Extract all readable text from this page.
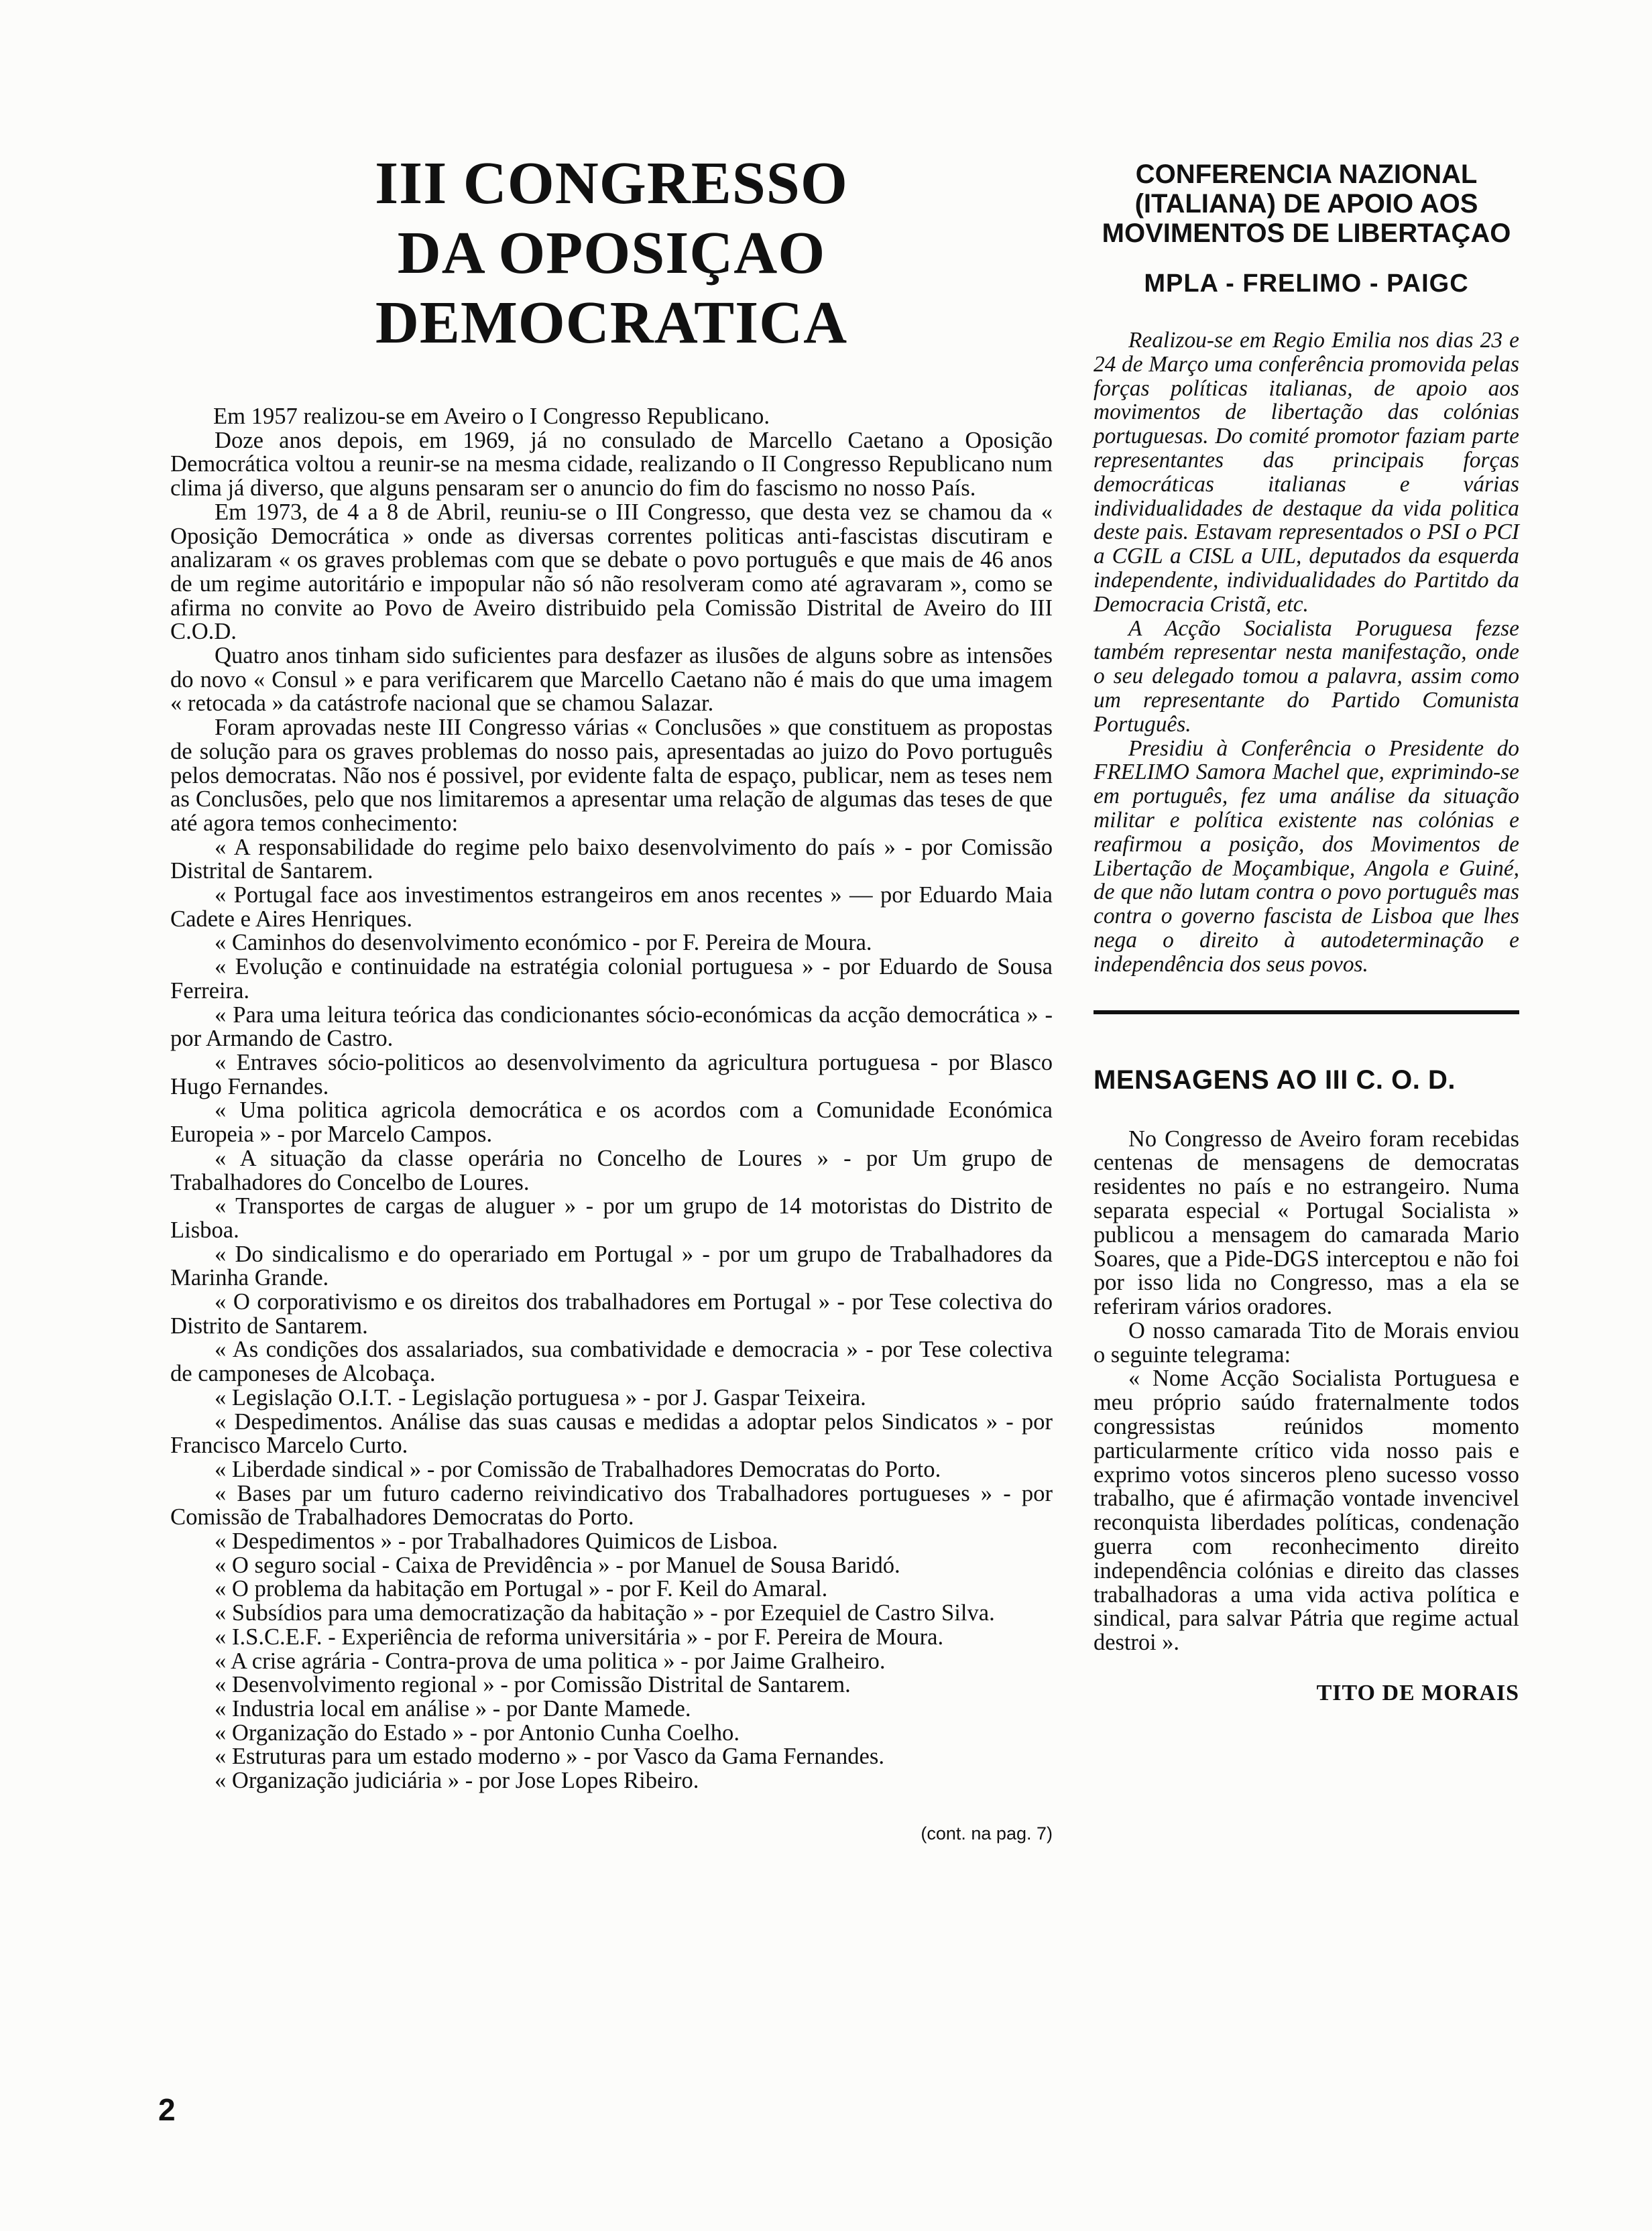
III CONGRESSO
DA OPOSIÇAO DEMOCRATICA

Em 1957 realizou-se em Aveiro o I Congresso Republicano.

Doze anos depois, em 1969, já no consulado de Marcello Caetano a Oposição Democrática voltou a reunir-se na mesma cidade, realizando o II Congresso Republicano num clima já diverso, que alguns pensaram ser o anuncio do fim do fascismo no nosso País.

Em 1973, de 4 a 8 de Abril, reuniu-se o III Congresso, que desta vez se chamou da « Oposição Democrática » onde as diversas correntes politicas anti-fascistas discutiram e analizaram « os graves problemas com que se debate o povo português e que mais de 46 anos de um regime autoritário e impopular não só não resolveram como até agravaram », como se afirma no convite ao Povo de Aveiro distribuido pela Comissão Distrital de Aveiro do III C.O.D.

Quatro anos tinham sido suficientes para desfazer as ilusões de alguns sobre as intensões do novo « Consul » e para verificarem que Marcello Caetano não é mais do que uma imagem « retocada » da catástrofe nacional que se chamou Salazar.

Foram aprovadas neste III Congresso várias « Conclusões » que constituem as propostas de solução para os graves problemas do nosso pais, apresentadas ao juizo do Povo português pelos democratas. Não nos é possivel, por evidente falta de espaço, publicar, nem as teses nem as Conclusões, pelo que nos limitaremos a apresentar uma relação de algumas das teses de que até agora temos conhecimento:

« A responsabilidade do regime pelo baixo desenvolvimento do país » - por Comissão Distrital de Santarem.

« Portugal face aos investimentos estrangeiros em anos recentes » — por Eduardo Maia Cadete e Aires Henriques.

« Caminhos do desenvolvimento económico - por F. Pereira de Moura.

« Evolução e continuidade na estratégia colonial portuguesa » - por Eduardo de Sousa Ferreira.

« Para uma leitura teórica das condicionantes sócio-económicas da acção democrática » - por Armando de Castro.

« Entraves sócio-politicos ao desenvolvimento da agricultura portuguesa - por Blasco Hugo Fernandes.

« Uma politica agricola democrática e os acordos com a Comunidade Económica Europeia » - por Marcelo Campos.

« A situação da classe operária no Concelho de Loures » - por Um grupo de Trabalhadores do Concelbo de Loures.

« Transportes de cargas de aluguer » - por um grupo de 14 motoristas do Distrito de Lisboa.

« Do sindicalismo e do operariado em Portugal » - por um grupo de Trabalhadores da Marinha Grande.

« O corporativismo e os direitos dos trabalhadores em Portugal » - por Tese colectiva do Distrito de Santarem.

« As condições dos assalariados, sua combatividade e democracia » - por Tese colectiva de camponeses de Alcobaça.

« Legislação O.I.T. - Legislação portuguesa » - por J. Gaspar Teixeira.

« Despedimentos. Análise das suas causas e medidas a adoptar pelos Sindicatos » - por Francisco Marcelo Curto.

« Liberdade sindical » - por Comissão de Trabalhadores Democratas do Porto.

« Bases par um futuro caderno reivindicativo dos Trabalhadores portugueses » - por Comissão de Trabalhadores Democratas do Porto.

« Despedimentos » - por Trabalhadores Quimicos de Lisboa.

« O seguro social - Caixa de Previdência » - por Manuel de Sousa Baridó.

« O problema da habitação em Portugal » - por F. Keil do Amaral.

« Subsídios para uma democratização da habitação » - por Ezequiel de Castro Silva.

« I.S.C.E.F. - Experiência de reforma universitária » - por F. Pereira de Moura.

« A crise agrária - Contra-prova de uma politica » - por Jaime Gralheiro.

« Desenvolvimento regional » - por Comissão Distrital de Santarem.

« Industria local em análise » - por Dante Mamede.

« Organização do Estado » - por Antonio Cunha Coelho.

« Estruturas para um estado moderno » - por Vasco da Gama Fernandes.

« Organização judiciária » - por Jose Lopes Ribeiro.

(cont. na pag. 7)
2
CONFERENCIA NAZIONAL (ITALIANA) DE APOIO AOS MOVIMENTOS DE LIBERTAÇAO
MPLA - FRELIMO - PAIGC

Realizou-se em Regio Emilia nos dias 23 e 24 de Março uma conferência promovida pelas forças políticas italianas, de apoio aos movimentos de libertação das colónias portuguesas. Do comité promotor faziam parte representantes das principais forças democráticas italianas e várias individualidades de destaque da vida politica deste pais. Estavam representados o PSI o PCI a CGIL a CISL a UIL, deputados da esquerda independente, individualidades do Partitdo da Democracia Cristã, etc.

A Acção Socialista Poruguesa fezse também representar nesta manifestação, onde o seu delegado tomou a palavra, assim como um representante do Partido Comunista Português.

Presidiu à Conferência o Presidente do FRELIMO Samora Machel que, exprimindo-se em português, fez uma análise da situação militar e política existente nas colónias e reafirmou a posição, dos Movimentos de Libertação de Moçambique, Angola e Guiné, de que não lutam contra o povo português mas contra o governo fascista de Lisboa que lhes nega o direito à autodeterminação e independência dos seus povos.

MENSAGENS AO III C. O. D.

No Congresso de Aveiro foram recebidas centenas de mensagens de democratas residentes no país e no estrangeiro. Numa separata especial « Portugal Socialista » publicou a mensagem do camarada Mario Soares, que a Pide-DGS interceptou e não foi por isso lida no Congresso, mas a ela se referiram vários oradores.

O nosso camarada Tito de Morais enviou o seguinte telegrama:

« Nome Acção Socialista Portuguesa e meu próprio saúdo fraternalmente todos congressistas reúnidos momento particularmente crítico vida nosso pais e exprimo votos sinceros pleno sucesso vosso trabalho, que é afirmação vontade invencivel reconquista liberdades políticas, condenação guerra com reconhecimento direito independência colónias e direito das classes trabalhadoras a uma vida activa política e sindical, para salvar Pátria que regime actual destroi ».

TITO DE MORAIS
